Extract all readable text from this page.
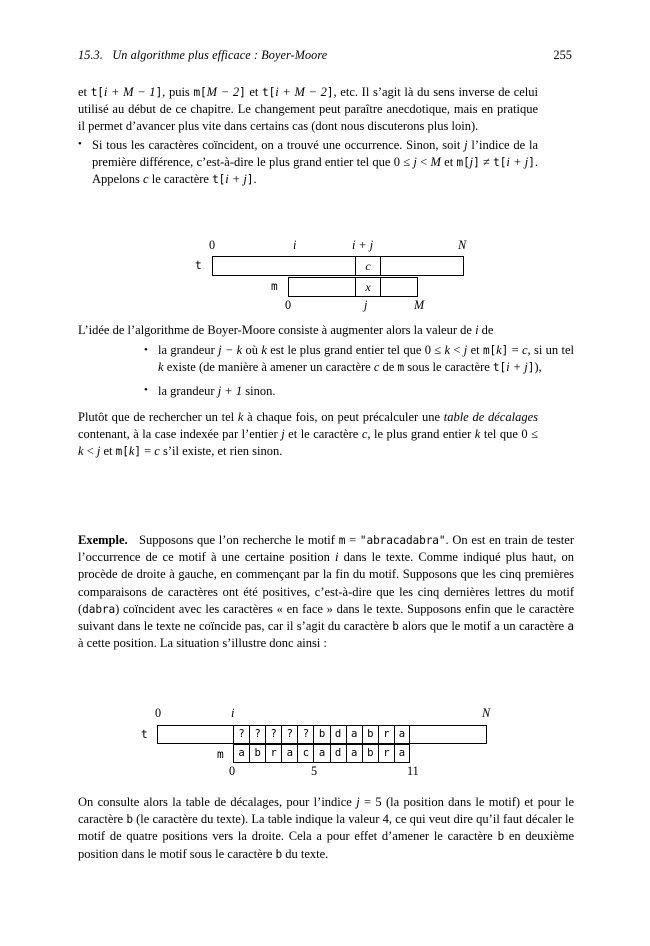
15.3. Un algorithme plus efficace : Boyer-Moore	255

et t[i + M − 1], puis m[M − 2] et t[i + M − 2], etc. Il s’agit là du sens inverse de celui utilisé au début de ce chapitre. Le changement peut paraître anecdotique, mais en pratique il permet d’avancer plus vite dans certains cas (dont nous discuterons plus loin).

• Si tous les caractères coïncident, on a trouvé une occurrence. Sinon, soit j l’indice de la première différence, c’est-à-dire le plus grand entier tel que 0 ≤ j < M et m[j] ≠ t[i + j]. Appelons c le caractère t[i + j].
0	i	i + j	N
t	c
m	x
0	j	M

L’idée de l’algorithme de Boyer-Moore consiste à augmenter alors la valeur de i de

• la grandeur j − k où k est le plus grand entier tel que 0 ≤ k < j et m[k] = c, si un tel k existe (de manière à amener un caractère c de m sous le caractère t[i + j]),
• la grandeur j + 1 sinon.

Plutôt que de rechercher un tel k à chaque fois, on peut précalculer une table de décalages contenant, à la case indexée par l’entier j et le caractère c, le plus grand entier k tel que 0 ≤ k < j et m[k] = c s’il existe, et rien sinon.

Exemple. Supposons que l’on recherche le motif m = "abracadabra". On est en train de tester l’occurrence de ce motif à une certaine position i dans le texte. Comme indiqué plus haut, on procède de droite à gauche, en commençant par la fin du motif. Supposons que les cinq premières comparaisons de caractères ont été positives, c’est-à-dire que les cinq dernières lettres du motif (dabra) coïncident avec les caractères « en face » dans le texte. Supposons enfin que le caractère suivant dans le texte ne coïncide pas, car il s’agit du caractère b alors que le motif a un caractère a à cette position. La situation s’illustre donc ainsi :

0	i	N
t	? ? ? ? ? b d a b r a
m	a b r a c a d a b r a
0	5	11

On consulte alors la table de décalages, pour l’indice j = 5 (la position dans le motif) et pour le caractère b (le caractère du texte). La table indique la valeur 4, ce qui veut dire qu’il faut décaler le motif de quatre positions vers la droite. Cela a pour effet d’amener le caractère b en deuxième position dans le motif sous le caractère b du texte.
